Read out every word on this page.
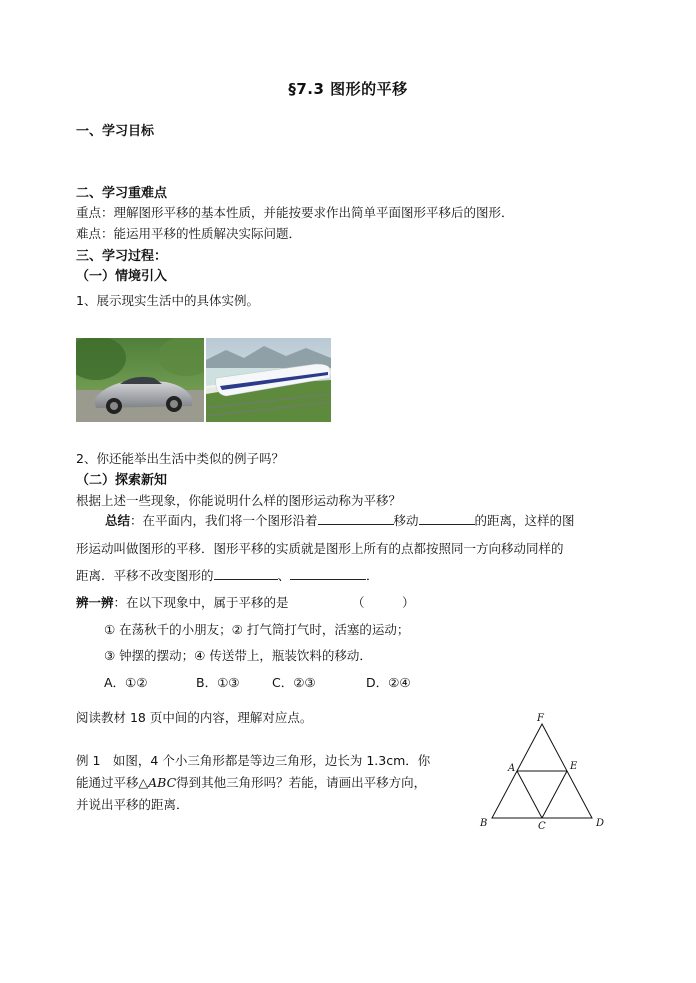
§7.3 图形的平移
一、学习目标
二、学习重难点
重点：理解图形平移的基本性质，并能按要求作出简单平面图形平移后的图形．
难点：能运用平移的性质解决实际问题．
三、学习过程：
（一）情境引入
1、展示现实生活中的具体实例。
2、你还能举出生活中类似的例子吗？
（二）探索新知
根据上述一些现象，你能说明什么样的图形运动称为平移？
总结：在平面内，我们将一个图形沿着	移动	的距离，这样的图
形运动叫做图形的平移．图形平移的实质就是图形上所有的点都按照同一方向移动同样的
距离．平移不改变图形的	、	．
辨一辨：在以下现象中，属于平移的是	（　　　）
① 在荡秋千的小朋友；② 打气筒打气时，活塞的运动；
③ 钟摆的摆动；④ 传送带上，瓶装饮料的移动．
A．①②	B．①③	C．②③	D．②④
阅读教材 18 页中间的内容，理解对应点。
例 1　如图，4 个小三角形都是等边三角形，边长为 1.3cm．你
能通过平移△ABC得到其他三角形吗？若能，请画出平移方向，
并说出平移的距离．
F
A	E
B	C	D
